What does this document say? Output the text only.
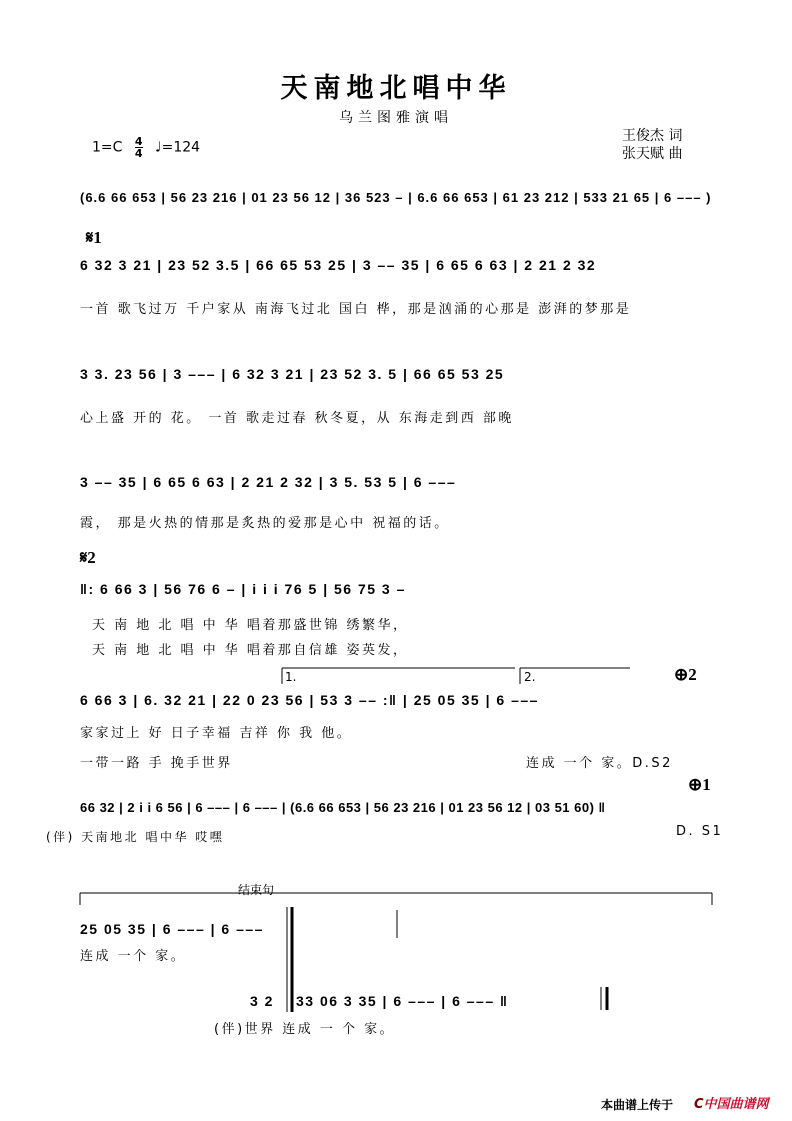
天南地北唱中华
乌兰图雅演唱
$1=C \frac{4}{4}$ ♩=124
王俊杰 词
张天赋 曲
(6.6 66 653 | 56 23 216 | 01 23 56 12 | 36 523 – | 6.6 66 653 | 61 23 212 | 533 21 65 | 6 ––– )
𝄋1
6 32 3 21 | 23 52 3.5 | 66 65 53 25 | 3 –– 35 | 6 65 6 63 | 2 21 2 32
一首 歌飞过万 千户家从 南海飞过北 国白 桦，那是汹涌的心那是 澎湃的梦那是
3 3. 23 56 | 3 ––– | 6 32 3 21 | 23 52 3. 5 | 66 65 53 25
心上盛 开的 花。 一首 歌走过春 秋冬夏，从 东海走到西 部晚
3 –– 35 | 6 65 6 63 | 2 21 2 32 | 3 5. 53 5 | 6 –––
霞， 那是火热的情那是炙热的爱那是心中 祝福的话。
𝄋2
‖: 6 66 3 | 56 76 6 – | i i i 76 5 | 56 75 3 –
天 南 地 北 唱 中 华 唱着那盛世锦 绣繁华，
天 南 地 北 唱 中 华 唱着那自信雄 姿英发，
1.	2.	⊕2
6 66 3 | 6. 32 21 | 22 0 23 56 | 53 3 –– :‖ | 25 05 35 | 6 –––
家家过上 好 日子幸福 吉祥 你 我 他。
一带一路 手 挽手世界	连成 一个 家。D.S2
⊕1
66 32 | 2 i i 6 56 | 6 ––– | 6 ––– | (6.6 66 653 | 56 23 216 | 01 23 56 12 | 03 51 60) ‖
(伴) 天南地北 唱中华 哎嘿	D. S1
结束句
25 05 35 | 6 ––– | 6 –––
连成 一个 家。
3 2 33 06 3 35 | 6 ––– | 6 ––– ‖
(伴)世界 连成 一 个 家。
本曲谱上传于 C中国曲谱网
